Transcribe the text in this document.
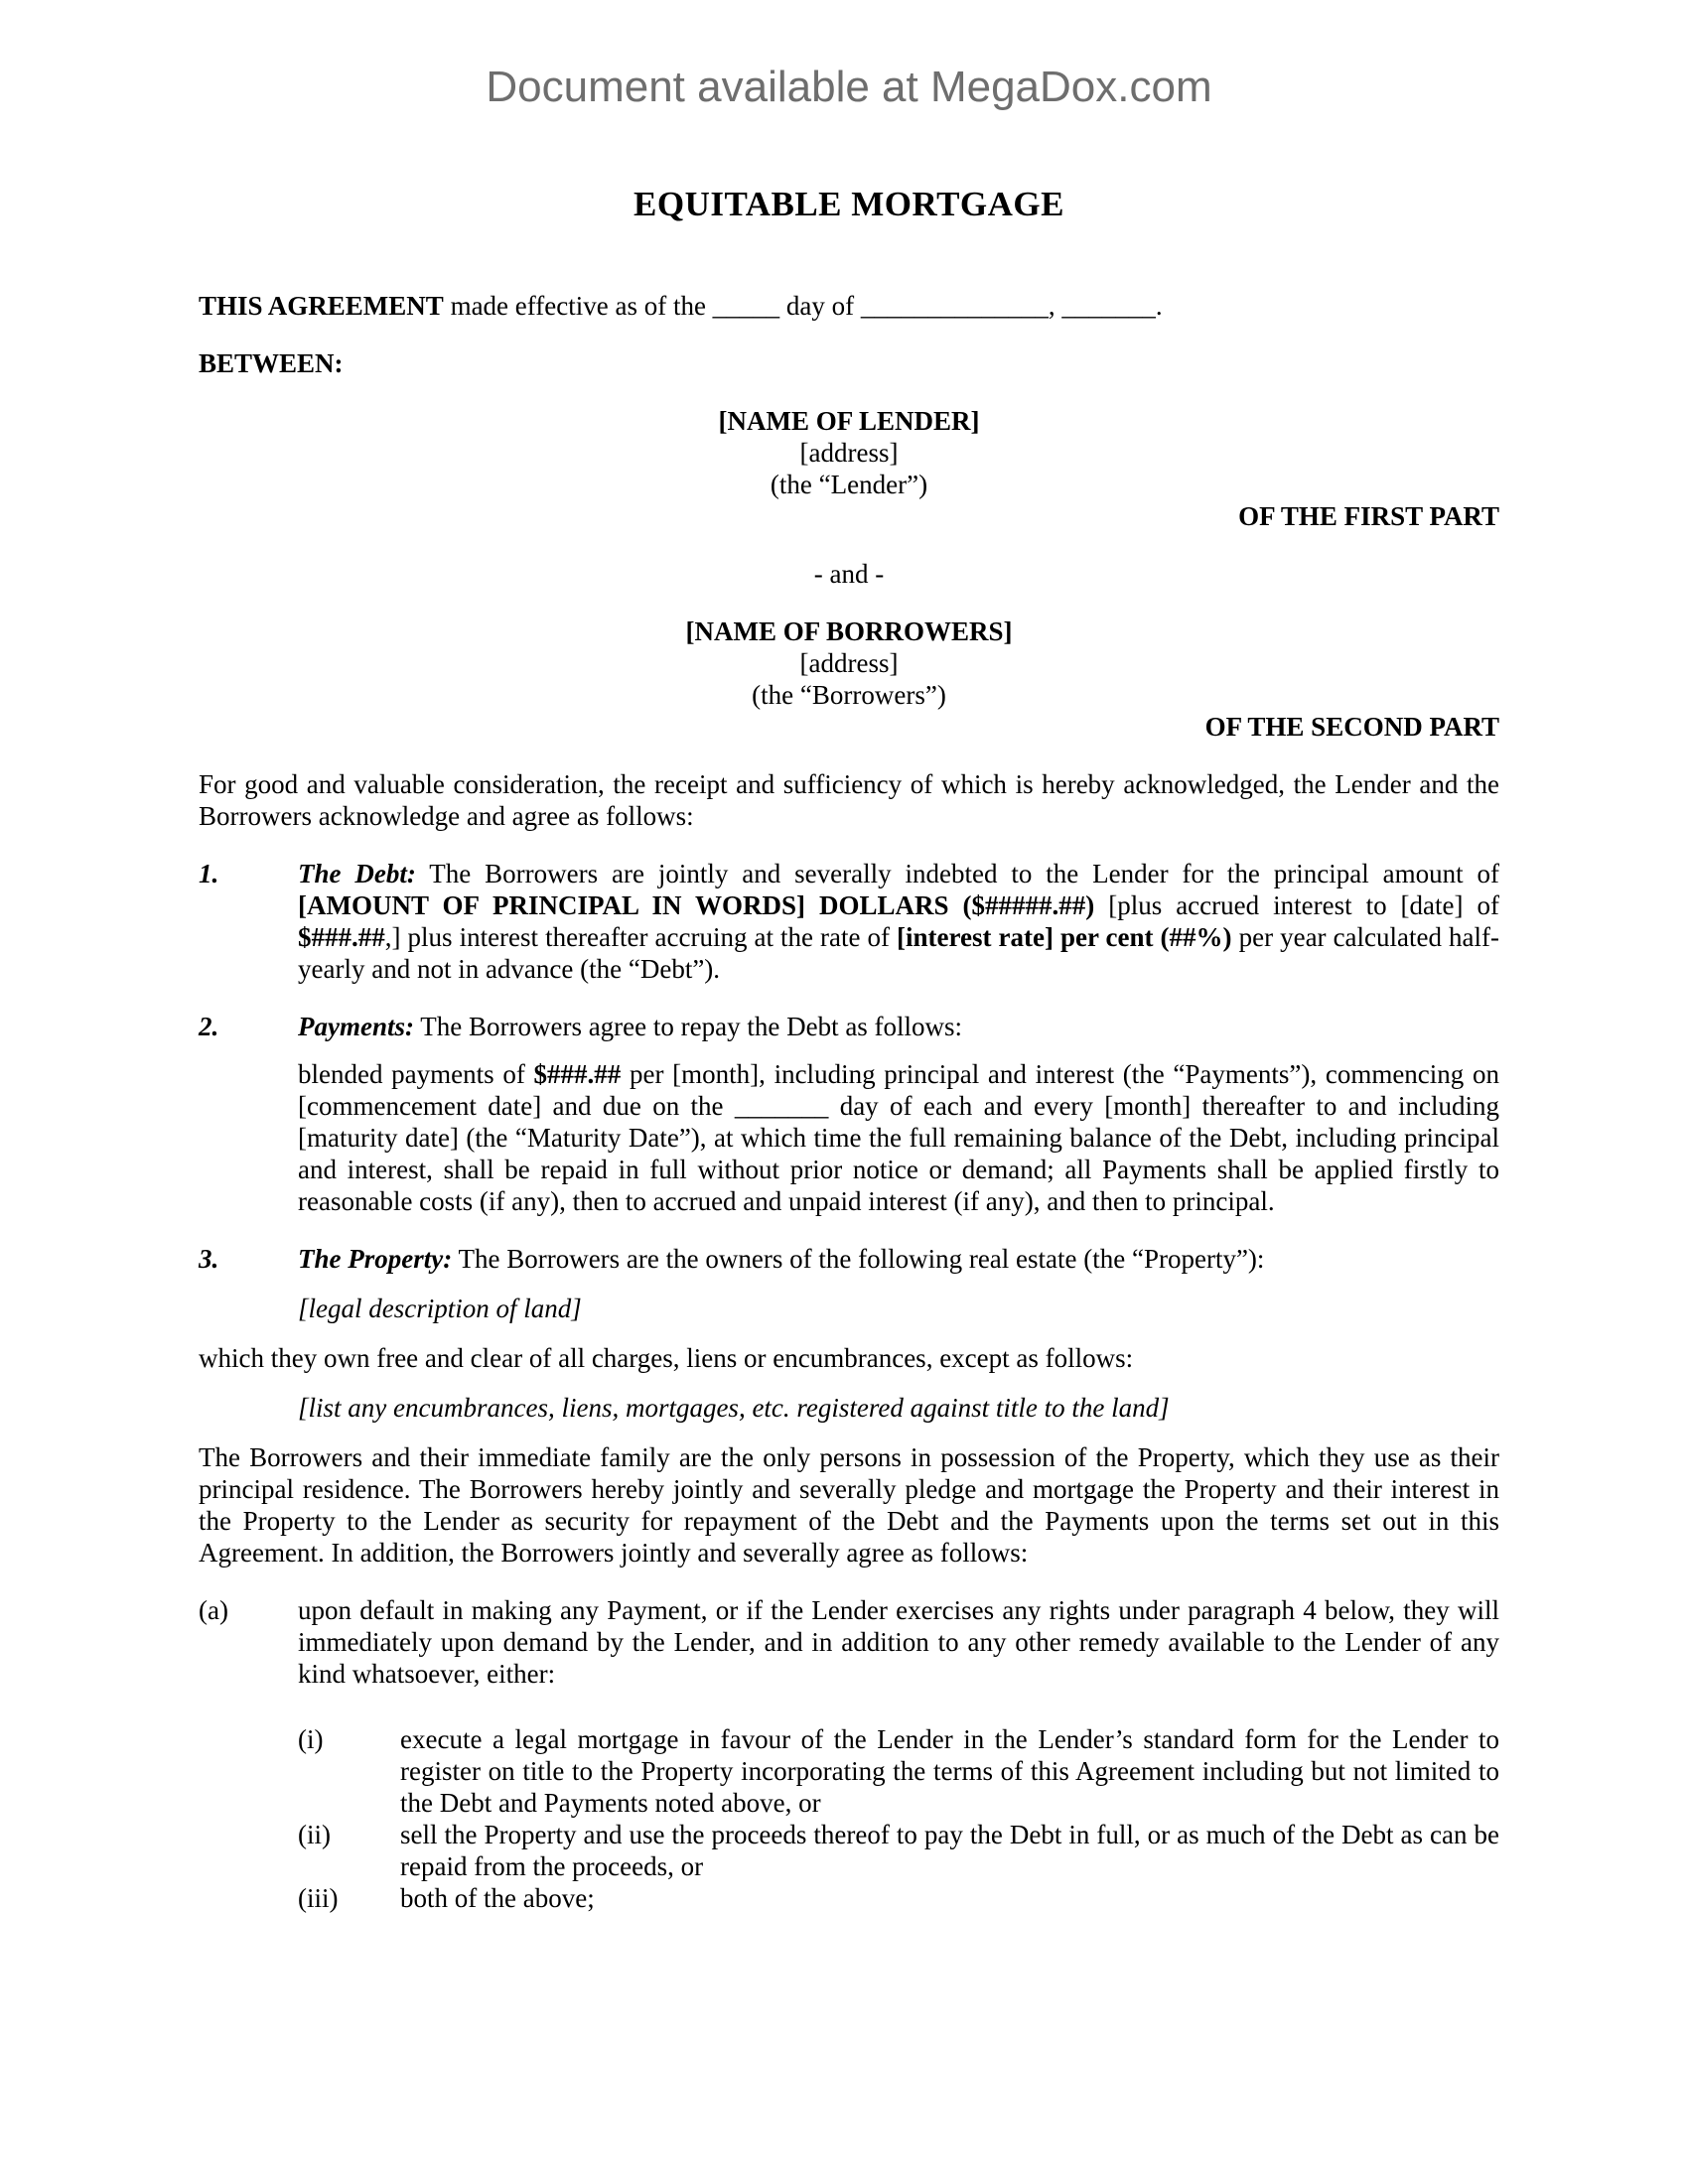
Document available at MegaDox.com
EQUITABLE MORTGAGE

THIS AGREEMENT made effective as of the _____ day of ______________, _______.

BETWEEN:

[NAME OF LENDER]
[address]
(the “Lender”)
OF THE FIRST PART
- and -
[NAME OF BORROWERS]
[address]
(the “Borrowers”)
OF THE SECOND PART

For good and valuable consideration, the receipt and sufficiency of which is hereby acknowledged, the Lender and the Borrowers acknowledge and agree as follows:

1.	The Debt: The Borrowers are jointly and severally indebted to the Lender for the principal amount of [AMOUNT OF PRINCIPAL IN WORDS] DOLLARS ($#####.##) [plus accrued interest to [date] of $###.##,] plus interest thereafter accruing at the rate of [interest rate] per cent (##%) per year calculated half-yearly and not in advance (the “Debt”).
2.	Payments: The Borrowers agree to repay the Debt as follows:

blended payments of $###.## per [month], including principal and interest (the “Payments”), commencing on [commencement date] and due on the _______ day of each and every [month] thereafter to and including [maturity date] (the “Maturity Date”), at which time the full remaining balance of the Debt, including principal and interest, shall be repaid in full without prior notice or demand; all Payments shall be applied firstly to reasonable costs (if any), then to accrued and unpaid interest (if any), and then to principal.

3.	The Property: The Borrowers are the owners of the following real estate (the “Property”):

[legal description of land]

which they own free and clear of all charges, liens or encumbrances, except as follows:

[list any encumbrances, liens, mortgages, etc. registered against title to the land]

The Borrowers and their immediate family are the only persons in possession of the Property, which they use as their principal residence. The Borrowers hereby jointly and severally pledge and mortgage the Property and their interest in the Property to the Lender as security for repayment of the Debt and the Payments upon the terms set out in this Agreement. In addition, the Borrowers jointly and severally agree as follows:

(a)	upon default in making any Payment, or if the Lender exercises any rights under paragraph 4 below, they will immediately upon demand by the Lender, and in addition to any other remedy available to the Lender of any kind whatsoever, either:
(i)	execute a legal mortgage in favour of the Lender in the Lender’s standard form for the Lender to register on title to the Property incorporating the terms of this Agreement including but not limited to the Debt and Payments noted above, or
(ii)	sell the Property and use the proceeds thereof to pay the Debt in full, or as much of the Debt as can be repaid from the proceeds, or
(iii)	both of the above;
